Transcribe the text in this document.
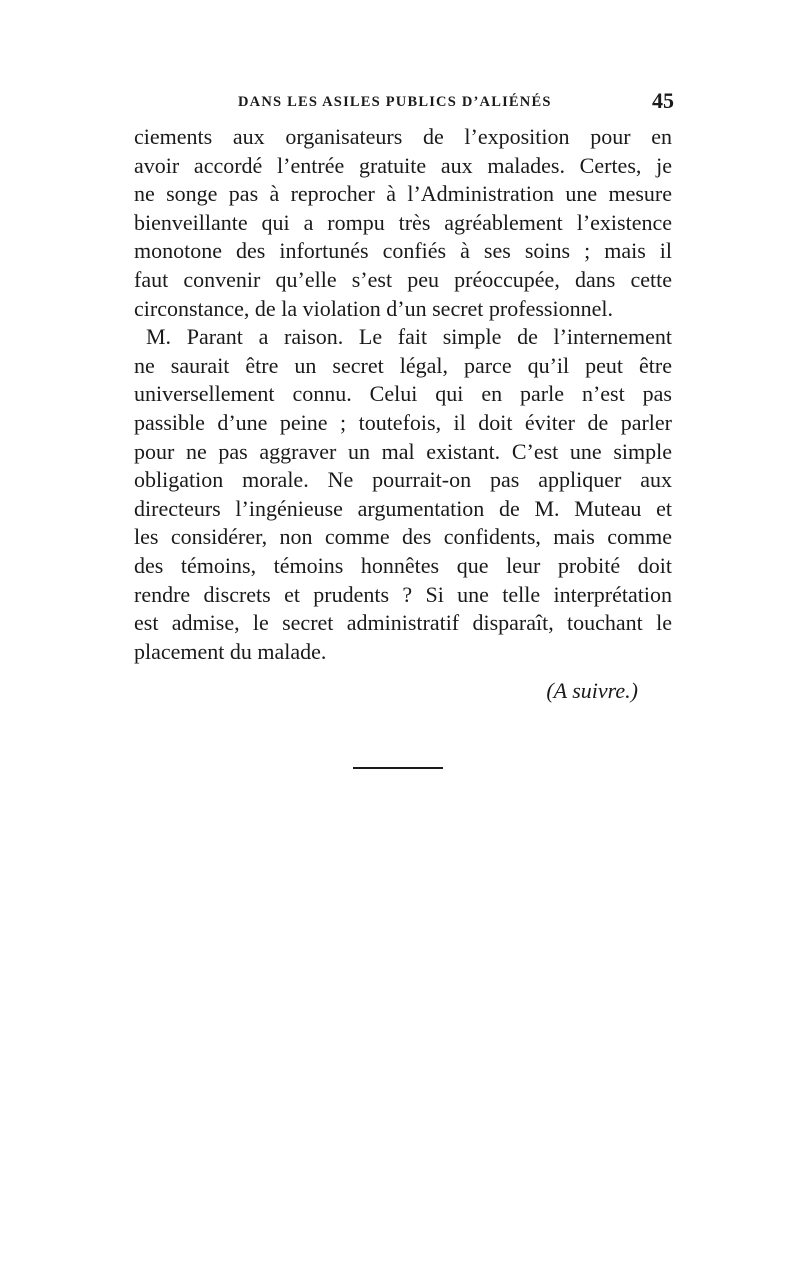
DANS LES ASILES PUBLICS D’ALIÉNÉS	45
ciements aux organisateurs de l’exposition pour en
avoir accordé l’entrée gratuite aux malades. Certes, je
ne songe pas à reprocher à l’Administration une mesure
bienveillante qui a rompu très agréablement l’existence
monotone des infortunés confiés à ses soins ; mais il
faut convenir qu’elle s’est peu préoccupée, dans cette
circonstance, de la violation d’un secret professionnel.
M. Parant a raison. Le fait simple de l’internement
ne saurait être un secret légal, parce qu’il peut être
universellement connu. Celui qui en parle n’est pas
passible d’une peine ; toutefois, il doit éviter de parler
pour ne pas aggraver un mal existant. C’est une simple
obligation morale. Ne pourrait-on pas appliquer aux
directeurs l’ingénieuse argumentation de M. Muteau et
les considérer, non comme des confidents, mais comme
des témoins, témoins honnêtes que leur probité doit
rendre discrets et prudents ? Si une telle interprétation
est admise, le secret administratif disparaît, touchant le
placement du malade.
(A suivre.)
